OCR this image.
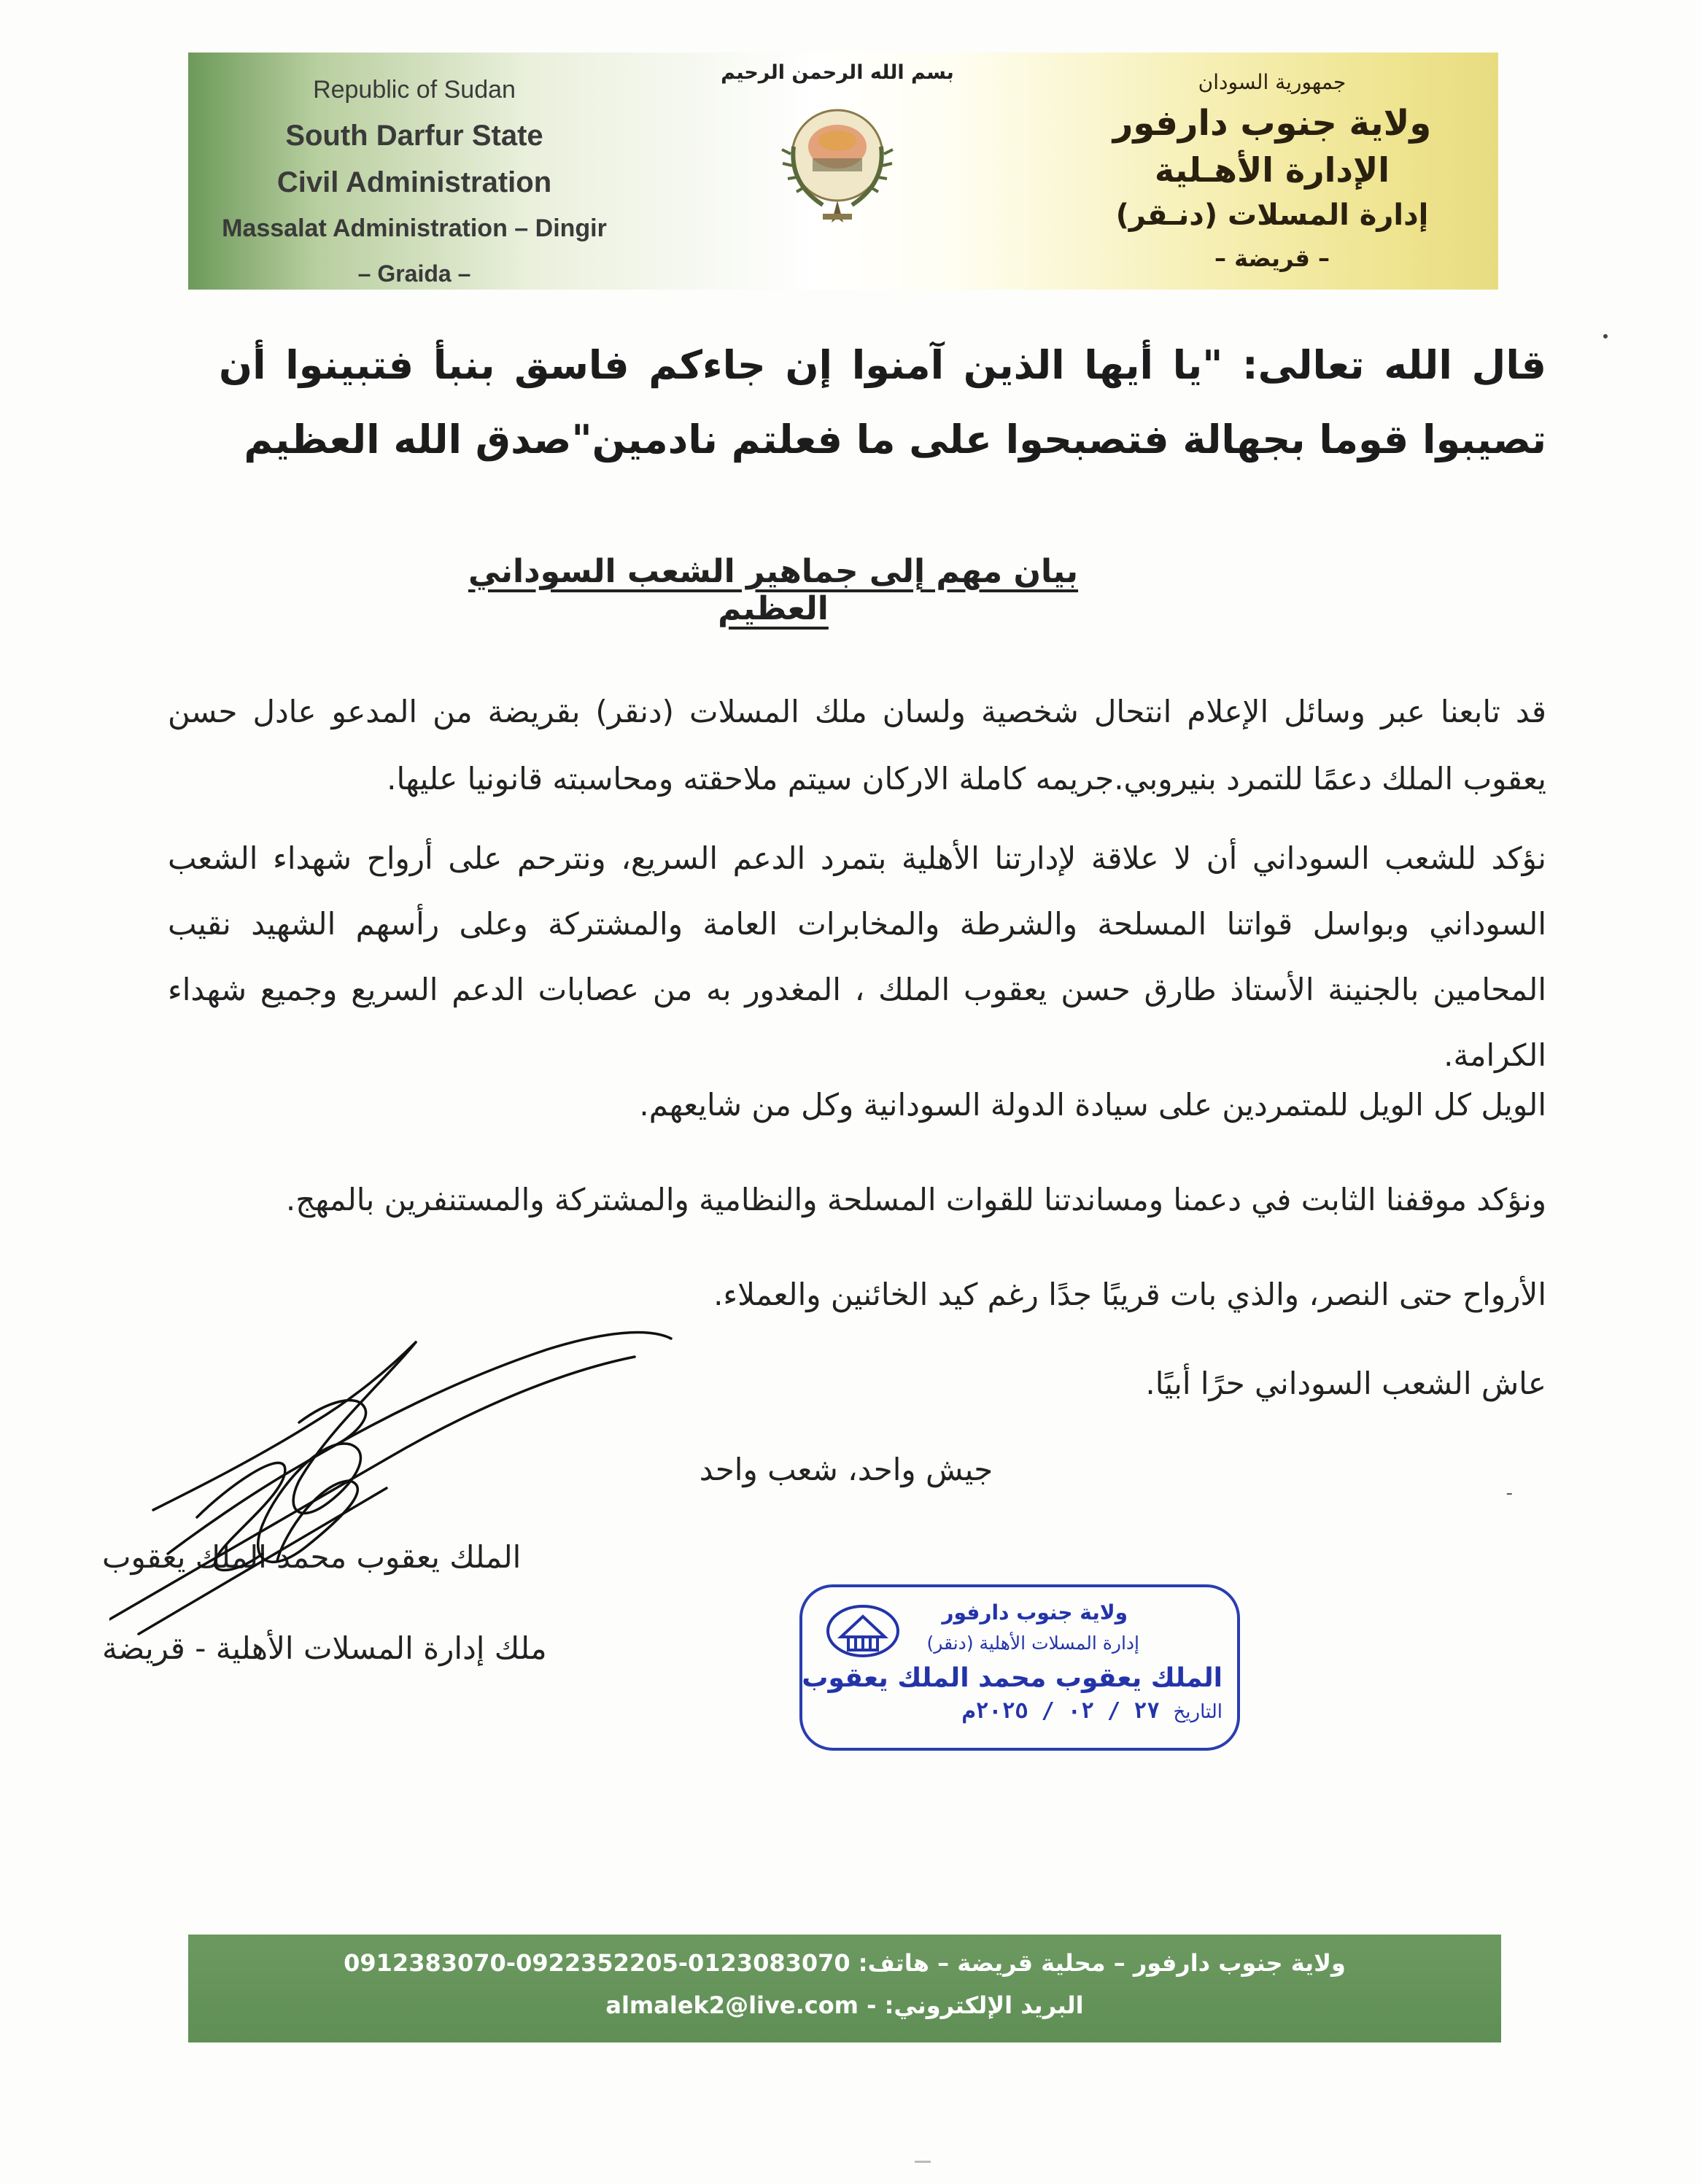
Republic of Sudan
South Darfur State
Civil Administration
Massalat Administration – Dingir
– Graida –
بسم الله الرحمن الرحيم	جمهورية السودان
ولاية جنوب دارفور
الإدارة الأهـلية
إدارة المسلات (دنـقر)
– قريضة –
قال الله تعالى: "يا أيها الذين آمنوا إن جاءكم فاسق بنبأ فتبينوا أن تصيبوا قوما بجهالة فتصبحوا على ما فعلتم نادمين"صدق الله العظيم
بيان مهم إلى جماهير الشعب السوداني العظيم
قد تابعنا عبر وسائل الإعلام انتحال شخصية ولسان ملك المسلات (دنقر) بقريضة من المدعو عادل حسن يعقوب الملك دعمًا للتمرد بنيروبي.جريمه كاملة الاركان سيتم ملاحقته ومحاسبته قانونيا عليها.
نؤكد للشعب السوداني أن لا علاقة لإدارتنا الأهلية بتمرد الدعم السريع، ونترحم على أرواح شهداء الشعب السوداني وبواسل قواتنا المسلحة والشرطة والمخابرات العامة والمشتركة وعلى رأسهم الشهيد نقيب المحامين بالجنينة الأستاذ طارق حسن يعقوب الملك ، المغدور به من عصابات الدعم السريع وجميع شهداء الكرامة.
الويل كل الويل للمتمردين على سيادة الدولة السودانية وكل من شايعهم.
ونؤكد موقفنا الثابت في دعمنا ومساندتنا للقوات المسلحة والنظامية والمشتركة والمستنفرين بالمهج.
الأرواح حتى النصر، والذي بات قريبًا جدًا رغم كيد الخائنين والعملاء.
عاش الشعب السوداني حرًا أبيًا.
جيش واحد، شعب واحد
ـ
الملك يعقوب محمد الملك يعقوب
ملك إدارة المسلات الأهلية - قريضة
ولاية جنوب دارفور
إدارة المسلات الأهلية (دنقر)
الملك يعقوب محمد الملك يعقوب
التاريخ ٢٧ / ٠٢ / ٢٠٢٥م
ولاية جنوب دارفور – محلية قريضة – هاتف: 0912383070-0922352205-0123083070
البريد الإلكتروني: - almalek2@live.com
